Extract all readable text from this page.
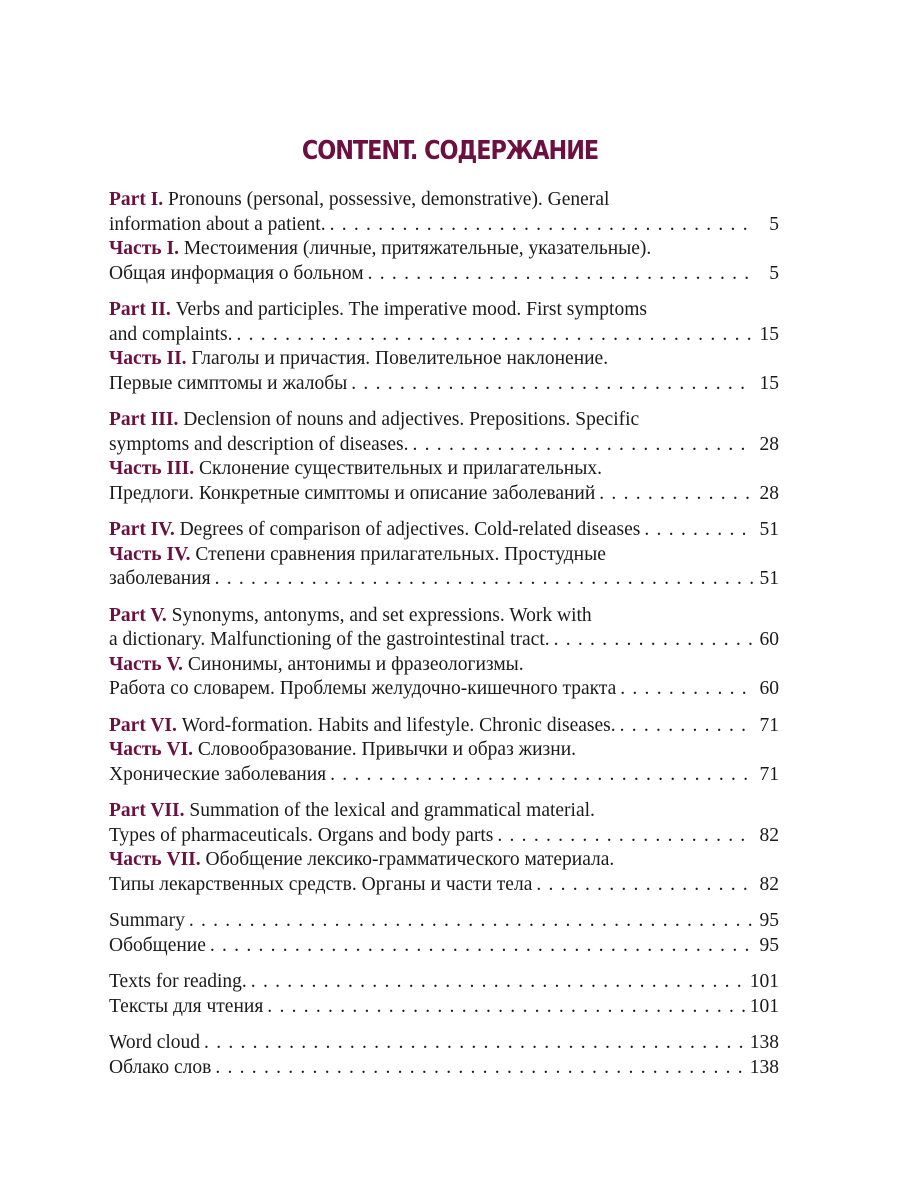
CONTENT. СОДЕРЖАНИЕ
Part I.
Pronouns (personal, possessive, demonstrative). General
information about a patient. . . .	5
Часть I.
Местоимения (личные, притяжательные, указательные).
Общая информация о больном . . .	5
Part II.
Verbs and participles. The imperative mood. First symptoms
and complaints. . . .	15
Часть II.
Глаголы и причастия. Повелительное наклонение.
Первые симптомы и жалобы . . .	15
Part III.
Declension of nouns and adjectives. Prepositions. Specific
symptoms and description of diseases. . . .	28
Часть III.
Склонение существительных и прилагательных.
Предлоги. Конкретные симптомы и описание заболеваний . . .	28
Part IV.
Degrees of comparison of adjectives. Cold-related diseases . . .	51
Часть IV.
Степени сравнения прилагательных. Простудные
заболевания . . .	51
Part V.
Synonyms, antonyms, and set expressions. Work with
a dictionary. Malfunctioning of the gastrointestinal tract. . . .	60
Часть V.
Синонимы, антонимы и фразеологизмы.
Работа со словарем. Проблемы желудочно-кишечного тракта . . .	60
Part VI.
Word-formation. Habits and lifestyle. Chronic diseases. . . .	71
Часть VI.
Словообразование. Привычки и образ жизни.
Хронические заболевания . . .	71
Part VII.
Summation of the lexical and grammatical material.
Types of pharmaceuticals. Organs and body parts . . .	82
Часть VII.
Обобщение лексико-грамматического материала.
Типы лекарственных средств. Органы и части тела . . .	82
Summary . . .	95
Обобщение . . .	95
Texts for reading. . . .	101
Тексты для чтения . . .	101
Word cloud . . .	138
Облако слов . . .	138
